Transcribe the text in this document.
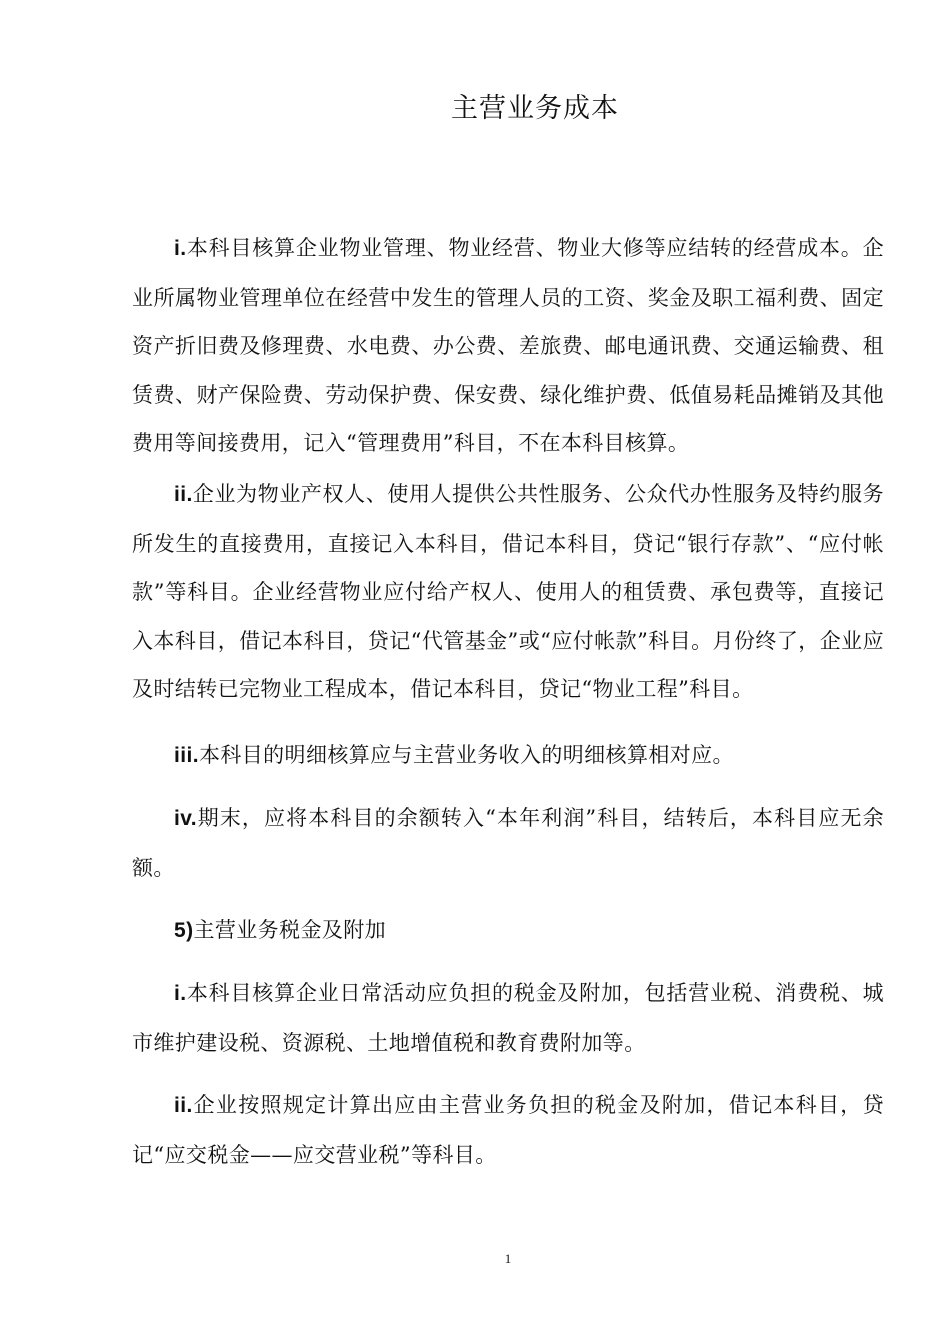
主营业务成本
i.本科目核算企业物业管理、物业经营、物业大修等应结转的经营成本。企业所属物业管理单位在经营中发生的管理人员的工资、奖金及职工福利费、固定资产折旧费及修理费、水电费、办公费、差旅费、邮电通讯费、交通运输费、租赁费、财产保险费、劳动保护费、保安费、绿化维护费、低值易耗品摊销及其他费用等间接费用，记入“管理费用”科目，不在本科目核算。
ii.企业为物业产权人、使用人提供公共性服务、公众代办性服务及特约服务所发生的直接费用，直接记入本科目，借记本科目，贷记“银行存款”、“应付帐款”等科目。企业经营物业应付给产权人、使用人的租赁费、承包费等，直接记入本科目，借记本科目，贷记“代管基金”或“应付帐款”科目。月份终了，企业应及时结转已完物业工程成本，借记本科目，贷记“物业工程”科目。
iii.本科目的明细核算应与主营业务收入的明细核算相对应。
iv.期末，应将本科目的余额转入“本年利润”科目，结转后，本科目应无余额。
5)主营业务税金及附加
i.本科目核算企业日常活动应负担的税金及附加，包括营业税、消费税、城市维护建设税、资源税、土地增值税和教育费附加等。
ii.企业按照规定计算出应由主营业务负担的税金及附加，借记本科目，贷记“应交税金——应交营业税”等科目。
1
